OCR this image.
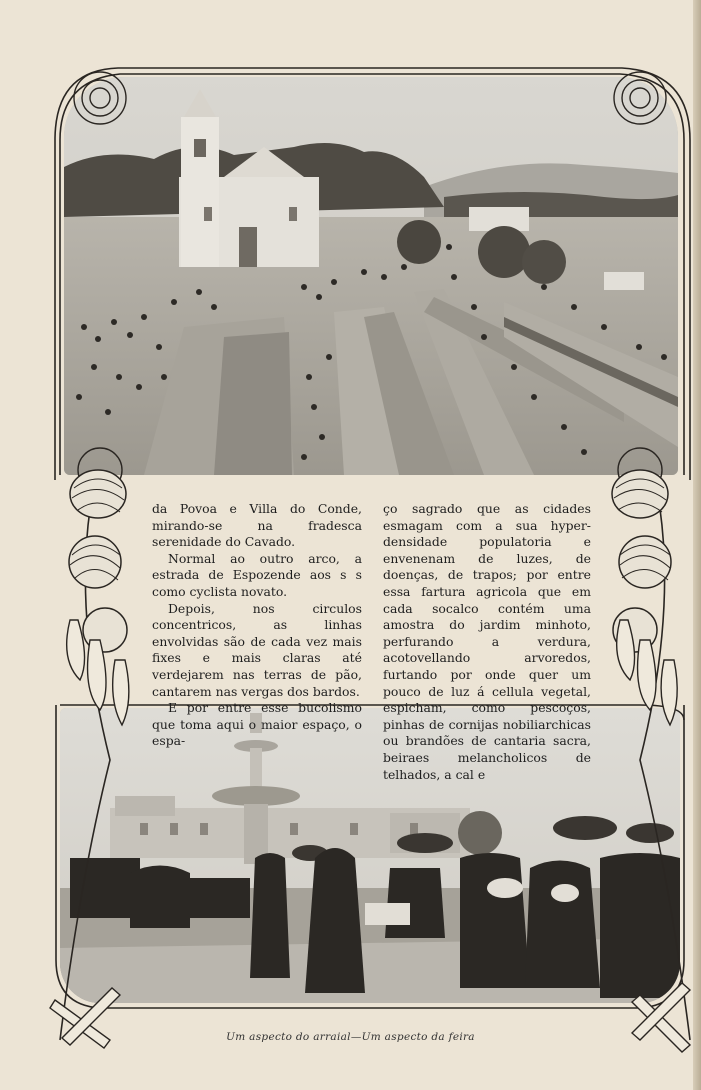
da Povoa e Villa do Conde, mirando-se na fradesca serenidade do Cavado.

Normal ao outro arco, a estrada de Espozende aos s s como cyclista novato.

Depois, nos circulos concentricos, as linhas envolvidas são de cada vez mais fixes e mais claras até verdejarem nas terras de pão, cantarem nas vergas dos bardos.

E por entre esse bucolismo que toma aqui o maior espaço, o espa-

ço sagrado que as cidades esmagam com a sua hyper-densidade populatoria e envenenam de luzes, de doenças, de trapos; por entre essa fartura agricola que em cada socalco contém uma amostra do jardim minhoto, perfurando a verdura, acotovellando arvoredos, furtando por onde quer um pouco de luz á cellula vegetal, espicham, como pescoços, pinhas de cornijas nobiliarchicas ou brandões de cantaria sacra, beiraes melancholicos de telhados, a cal e

Um aspecto do arraial—Um aspecto da feira
